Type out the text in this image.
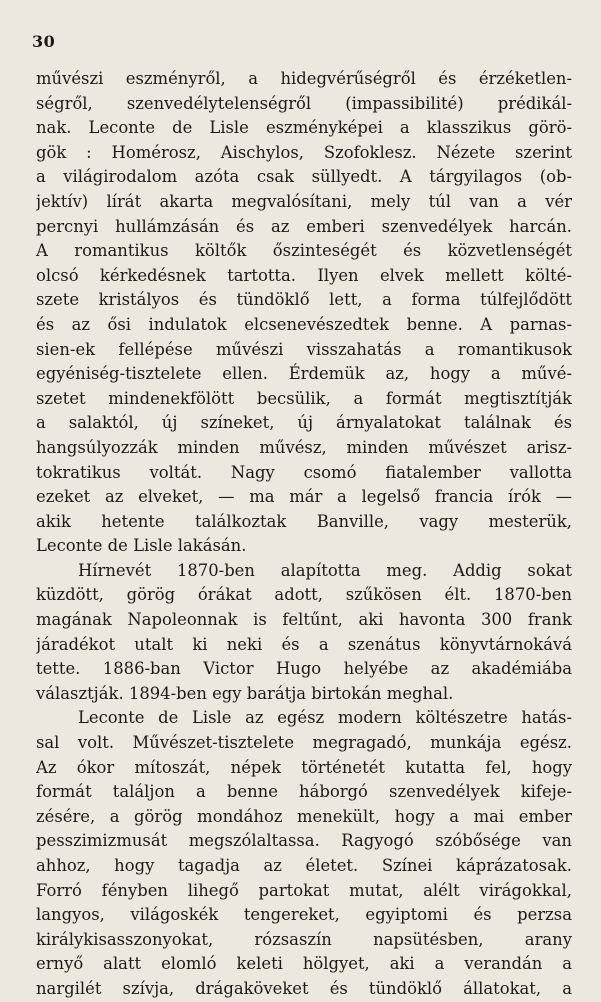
30
művészi eszményről, a hidegvérűségről és érzéketlen-
ségről, szenvedélytelenségről (impassibilité) prédikál-
nak. Leconte de Lisle eszményképei a klasszikus görö-
gök : Homérosz, Aischylos, Szofoklesz. Nézete szerint
a világirodalom azóta csak süllyedt. A tárgyilagos (ob-
jektív) lírát akarta megvalósítani, mely túl van a vér
percnyi hullámzásán és az emberi szenvedélyek harcán.
A romantikus költők őszinteségét és közvetlenségét
olcsó kérkedésnek tartotta. Ilyen elvek mellett költé-
szete kristályos és tündöklő lett, a forma túlfejlődött
és az ősi indulatok elcsenevészedtek benne. A parnas-
sien-ek fellépése művészi visszahatás a romantikusok
egyéniség-tisztelete ellen. Érdemük az, hogy a művé-
szetet mindenekfölött becsülik, a formát megtisztítják
a salaktól, új színeket, új árnyalatokat találnak és
hangsúlyozzák minden művész, minden művészet arisz-
tokratikus voltát. Nagy csomó fiatalember vallotta
ezeket az elveket, — ma már a legelső francia írók —
akik hetente találkoztak Banville, vagy mesterük,
Leconte de Lisle lakásán.
Hírnevét 1870-ben alapította meg. Addig sokat
küzdött, görög órákat adott, szűkösen élt. 1870-ben
magának Napoleonnak is feltűnt, aki havonta 300 frank
járadékot utalt ki neki és a szenátus könyvtárnokává
tette. 1886-ban Victor Hugo helyébe az akadémiába
választják. 1894-ben egy barátja birtokán meghal.
Leconte de Lisle az egész modern költészetre hatás-
sal volt. Művészet-tisztelete megragadó, munkája egész.
Az ókor mítoszát, népek történetét kutatta fel, hogy
formát találjon a benne háborgó szenvedélyek kifeje-
zésére, a görög mondához menekült, hogy a mai ember
pesszimizmusát megszólaltassa. Ragyogó szóbősége van
ahhoz, hogy tagadja az életet. Színei káprázatosak.
Forró fényben lihegő partokat mutat, alélt virágokkal,
langyos, világoskék tengereket, egyiptomi és perzsa
királykisasszonyokat, rózsaszín napsütésben, arany
ernyő alatt elomló keleti hölgyet, aki a verandán a
nargilét szívja, drágaköveket és tündöklő állatokat, a
